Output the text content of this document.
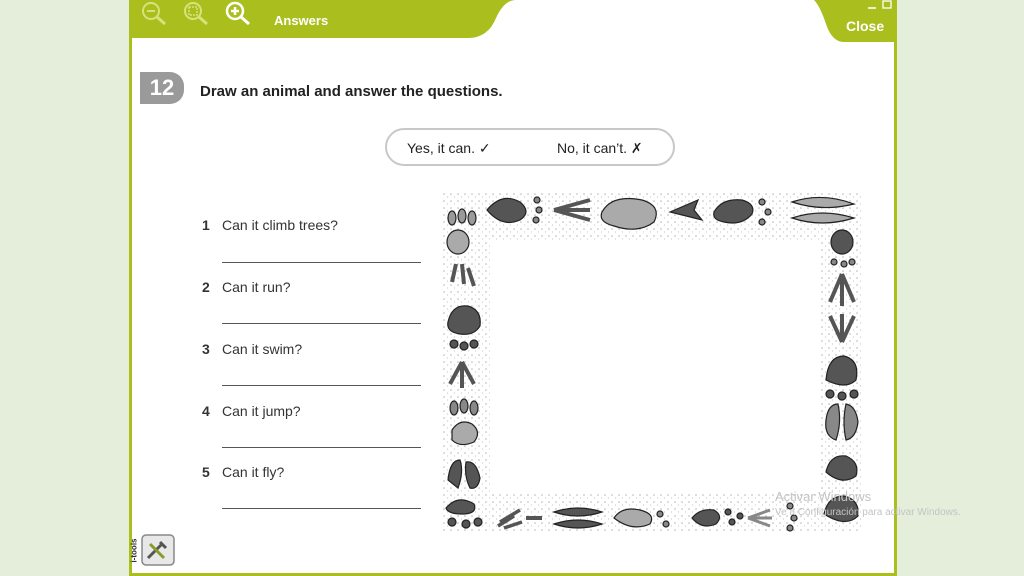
Answers	Close
12	Draw an animal and answer the questions.
Yes, it can. ✓	No, it can’t. ✗
1 Can it climb trees?
2 Can it run?
3 Can it swim?
4 Can it jump?
5 Can it fly?
i-tools
Activar Windows
Ve a Configuración para activar Windows.
